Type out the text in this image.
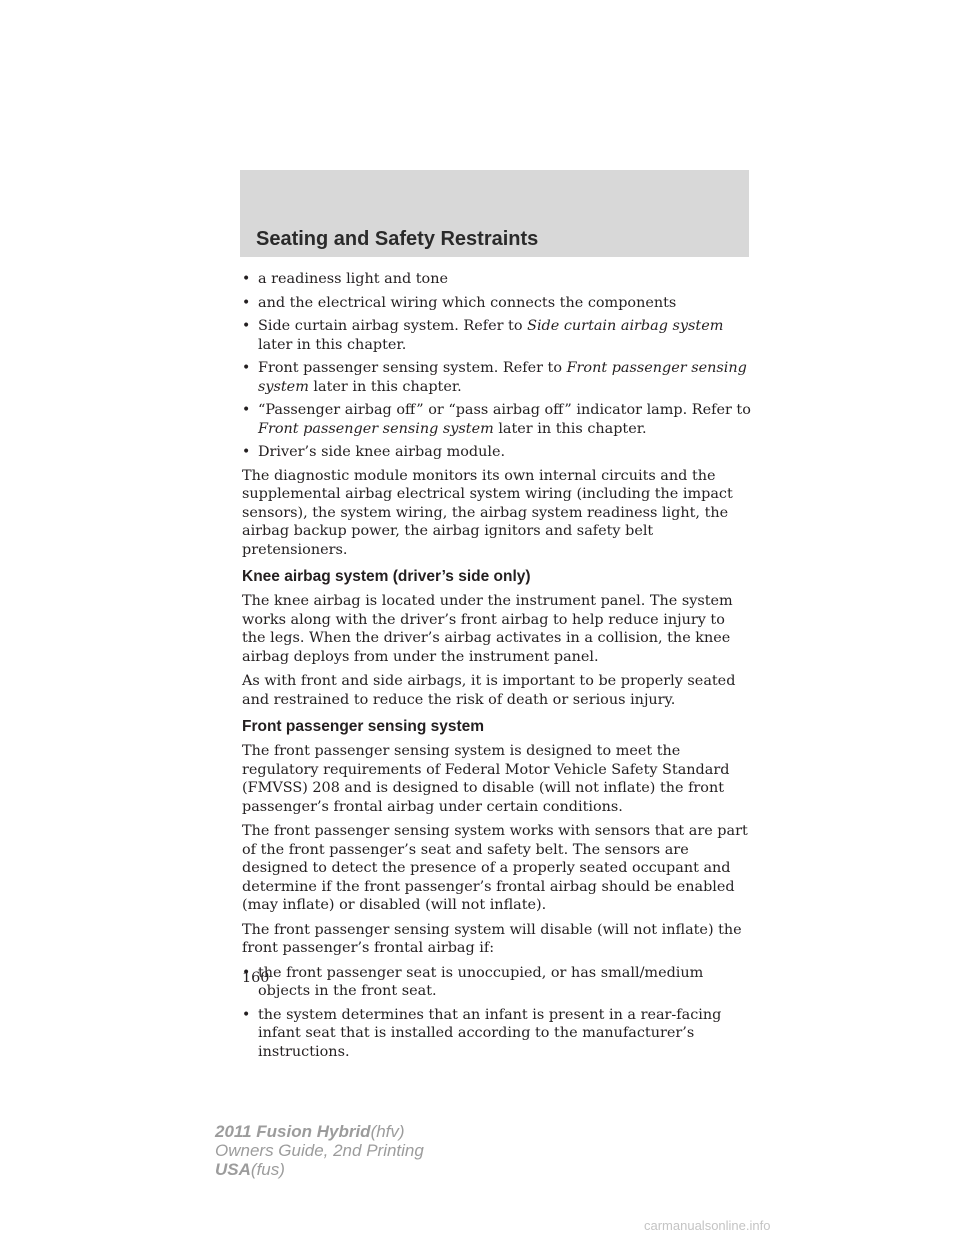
Seating and Safety Restraints
• a readiness light and tone
• and the electrical wiring which connects the components
• Side curtain airbag system. Refer to Side curtain airbag system later in this chapter.
• Front passenger sensing system. Refer to Front passenger sensing system later in this chapter.
• “Passenger airbag off” or “pass airbag off” indicator lamp. Refer to Front passenger sensing system later in this chapter.
• Driver’s side knee airbag module.

The diagnostic module monitors its own internal circuits and the supplemental airbag electrical system wiring (including the impact sensors), the system wiring, the airbag system readiness light, the airbag backup power, the airbag ignitors and safety belt pretensioners.

Knee airbag system (driver’s side only)

The knee airbag is located under the instrument panel. The system works along with the driver’s front airbag to help reduce injury to the legs. When the driver’s airbag activates in a collision, the knee airbag deploys from under the instrument panel.

As with front and side airbags, it is important to be properly seated and restrained to reduce the risk of death or serious injury.

Front passenger sensing system

The front passenger sensing system is designed to meet the regulatory requirements of Federal Motor Vehicle Safety Standard (FMVSS) 208 and is designed to disable (will not inflate) the front passenger’s frontal airbag under certain conditions.

The front passenger sensing system works with sensors that are part of the front passenger’s seat and safety belt. The sensors are designed to detect the presence of a properly seated occupant and determine if the front passenger’s frontal airbag should be enabled (may inflate) or disabled (will not inflate).

The front passenger sensing system will disable (will not inflate) the front passenger’s frontal airbag if:

• the front passenger seat is unoccupied, or has small/medium objects in the front seat.
• the system determines that an infant is present in a rear-facing infant seat that is installed according to the manufacturer’s instructions.
160
2011 Fusion Hybrid(hfv)
Owners Guide, 2nd Printing
USA(fus)
carmanualsonline.info
